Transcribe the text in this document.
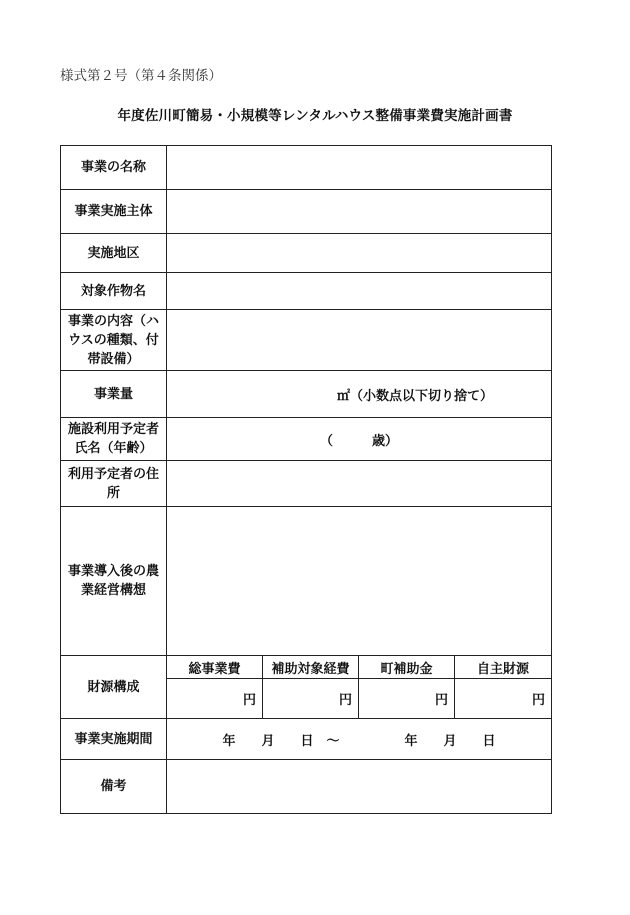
様式第２号（第４条関係）
年度佐川町簡易・小規模等レンタルハウス整備事業費実施計画書
事業の名称				
事業実施主体				
実施地区				
対象作物名				
事業の内容（ハウスの種類、付帯設備）				
事業量	㎡（小数点以下切り捨て）			
施設利用予定者氏名（年齢）	（　　　歳）			
利用予定者の住所				
事業導入後の農業経営構想				
財源構成	総事業費	補助対象経費	町補助金	自主財源
	円	円	円	円
事業実施期間	年　　月　　日　～　　　　　年　　月　　日			
備考				
